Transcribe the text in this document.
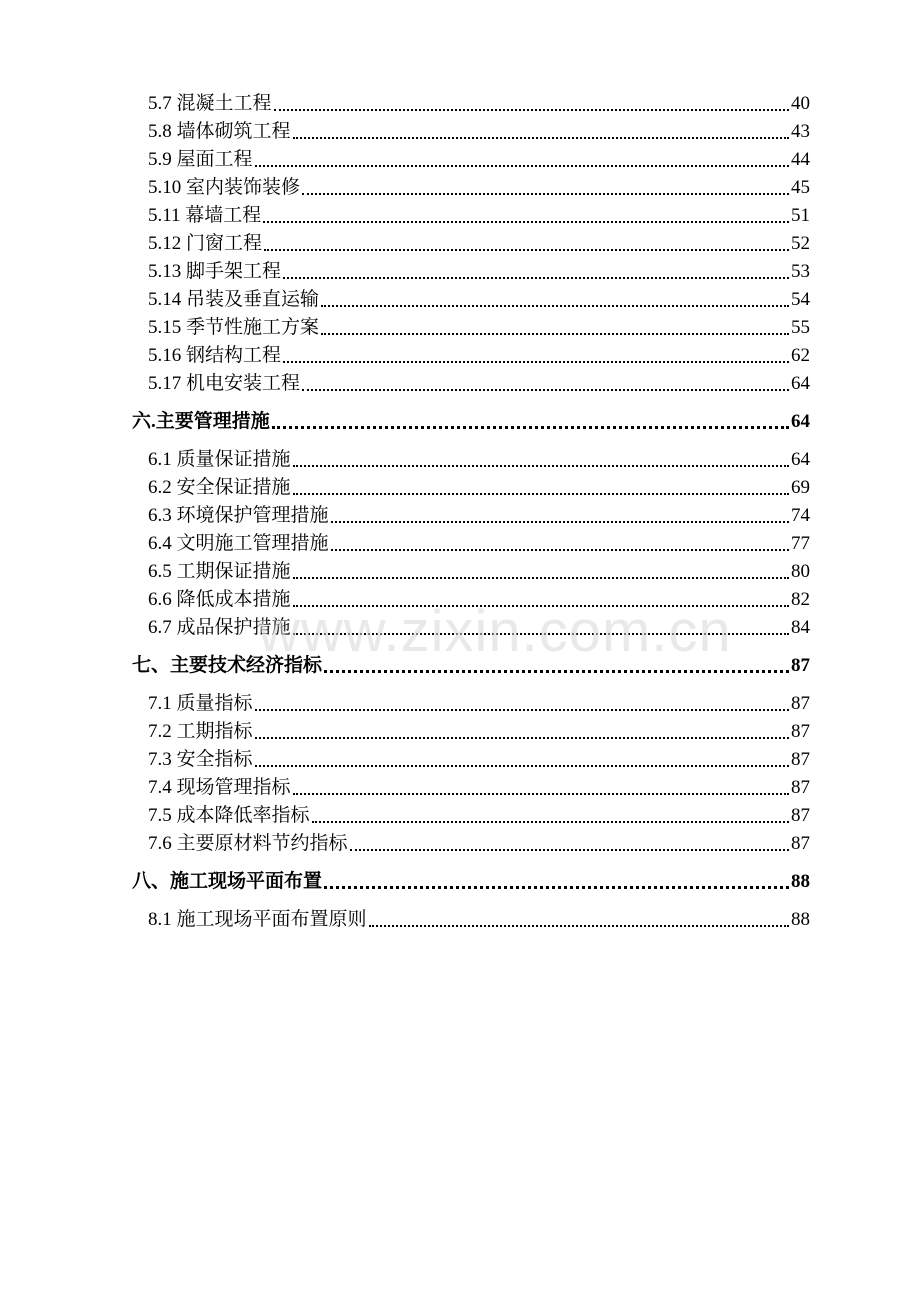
5.7 混凝土工程	40
5.8 墙体砌筑工程	43
5.9 屋面工程	44
5.10 室内装饰装修	45
5.11 幕墙工程	51
5.12 门窗工程	52
5.13 脚手架工程	53
5.14 吊装及垂直运输	54
5.15 季节性施工方案	55
5.16 钢结构工程	62
5.17 机电安装工程	64
六.主要管理措施	64
6.1 质量保证措施	64
6.2 安全保证措施	69
6.3 环境保护管理措施	74
6.4 文明施工管理措施	77
6.5 工期保证措施	80
6.6 降低成本措施	82
6.7 成品保护措施	84
七、主要技术经济指标	87
7.1 质量指标	87
7.2 工期指标	87
7.3 安全指标	87
7.4 现场管理指标	87
7.5 成本降低率指标	87
7.6 主要原材料节约指标	87
八、施工现场平面布置	88
8.1 施工现场平面布置原则	88
www.zixin.com.cn
